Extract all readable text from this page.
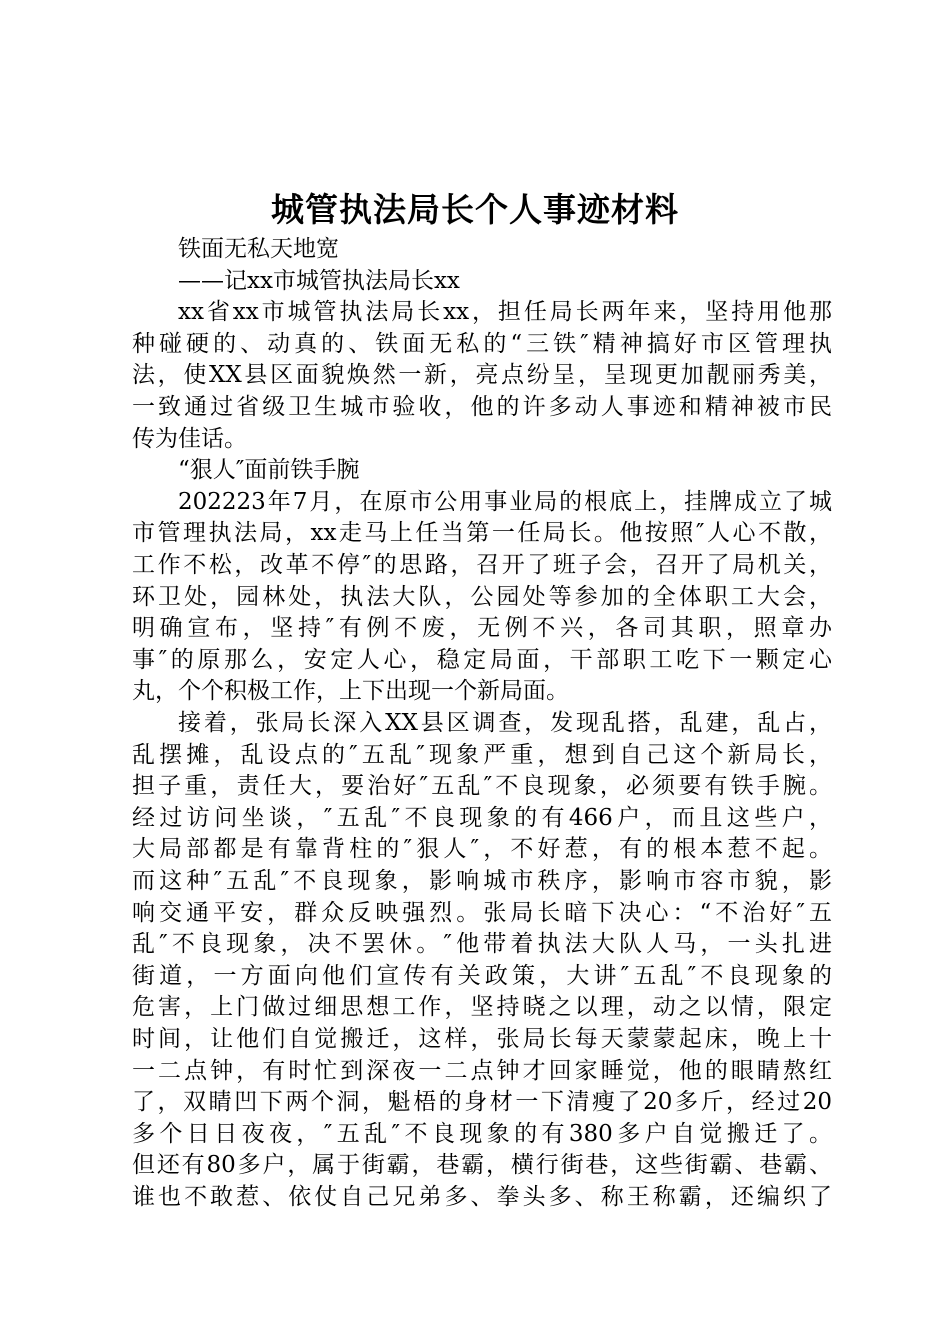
城管执法局长个人事迹材料
铁面无私天地宽
——记xx市城管执法局长xx
xx省xx市城管执法局长xx，担任局长两年来，坚持用他那
种碰硬的、动真的、铁面无私的“三铁″精神搞好市区管理执
法，使XX县区面貌焕然一新，亮点纷呈，呈现更加靓丽秀美，
一致通过省级卫生城市验收，他的许多动人事迹和精神被市民
传为佳话。
“狠人″面前铁手腕
202223年7月，在原市公用事业局的根底上，挂牌成立了城
市管理执法局，xx走马上任当第一任局长。他按照″人心不散，
工作不松，改革不停″的思路，召开了班子会，召开了局机关，
环卫处，园林处，执法大队，公园处等参加的全体职工大会，
明确宣布，坚持″有例不废，无例不兴，各司其职，照章办
事″的原那么，安定人心，稳定局面，干部职工吃下一颗定心
丸，个个积极工作，上下出现一个新局面。
接着，张局长深入XX县区调查，发现乱搭，乱建，乱占，
乱摆摊，乱设点的″五乱″现象严重，想到自己这个新局长，
担子重，责任大，要治好″五乱″不良现象，必须要有铁手腕。
经过访问坐谈，″五乱″不良现象的有466户，而且这些户，
大局部都是有靠背柱的″狠人″，不好惹，有的根本惹不起。
而这种″五乱″不良现象，影响城市秩序，影响市容市貌，影
响交通平安，群众反映强烈。张局长暗下决心：“不治好″五
乱″不良现象，决不罢休。″他带着执法大队人马，一头扎进
街道，一方面向他们宣传有关政策，大讲″五乱″不良现象的
危害，上门做过细思想工作，坚持晓之以理，动之以情，限定
时间，让他们自觉搬迁，这样，张局长每天蒙蒙起床，晚上十
一二点钟，有时忙到深夜一二点钟才回家睡觉，他的眼睛熬红
了，双睛凹下两个洞，魁梧的身材一下清瘦了20多斤，经过20
多个日日夜夜，″五乱″不良现象的有380多户自觉搬迁了。
但还有80多户，属于街霸，巷霸，横行街巷，这些街霸、巷霸、
谁也不敢惹、依仗自己兄弟多、拳头多、称王称霸，还编织了
